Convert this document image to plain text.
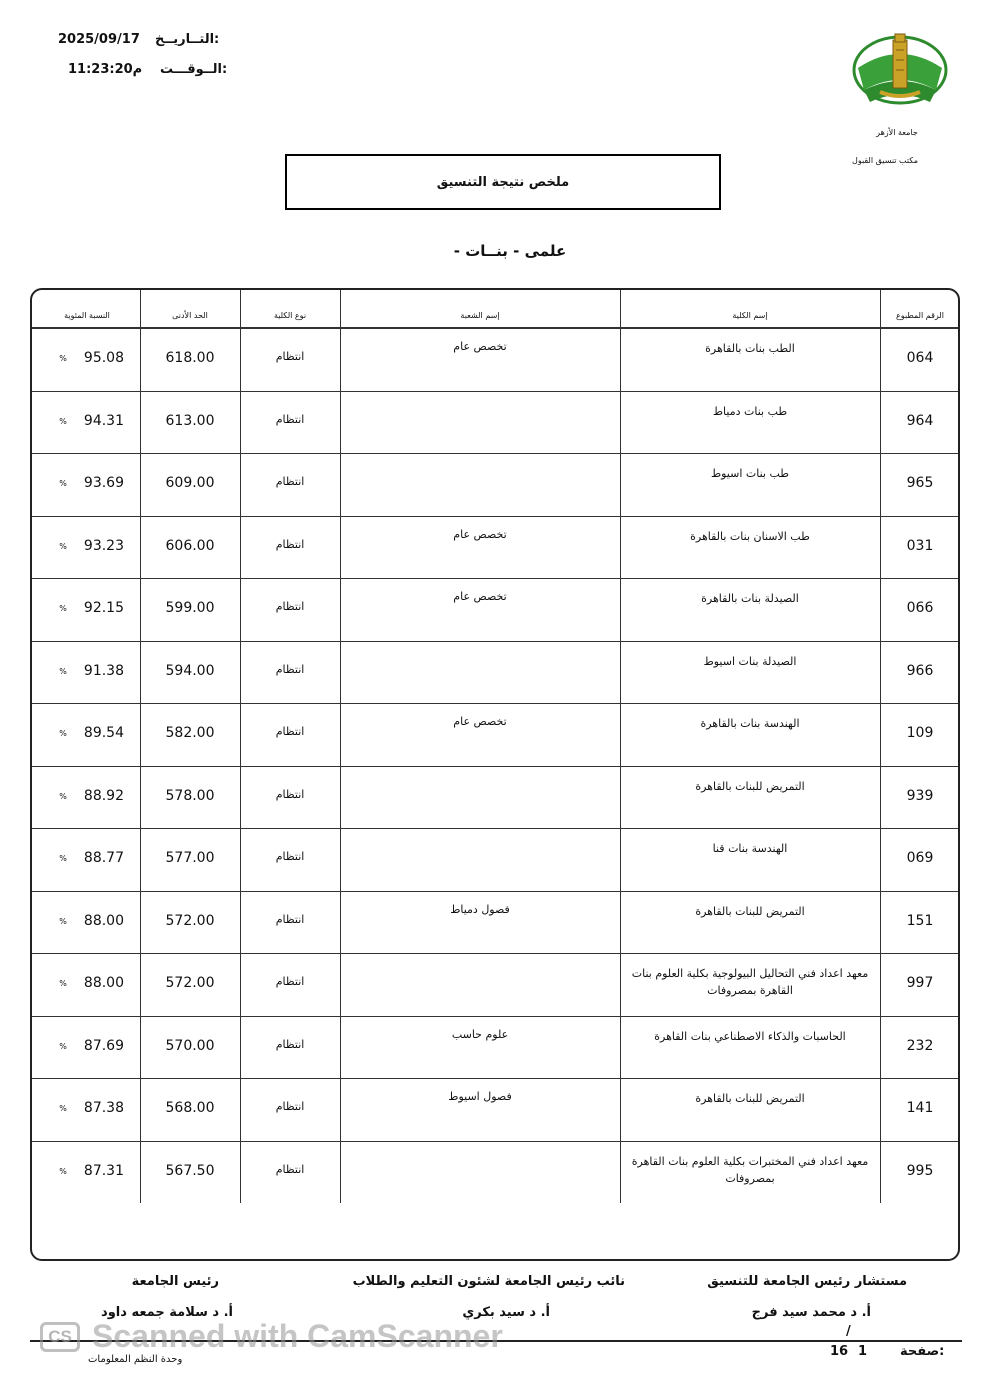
2025/09/17 التــاريــخ:
11:23:20م الــوقـــت:
جامعة الأزهر
مكتب تنسيق القبول
ملخص نتيجة التنسيق
- علمى - بنــات
الرقم المطبوع
إسم الكلية
إسم الشعبة
نوع الكلية
الحد الأدنى
النسبة المئوية
064
الطب بنات بالقاهرة
تخصص عام
انتظام
618.00
95.08
%
964
طب بنات دمياط
انتظام
613.00
94.31
%
965
طب بنات اسيوط
انتظام
609.00
93.69
%
031
طب الاسنان بنات بالقاهرة
تخصص عام
انتظام
606.00
93.23
%
066
الصيدلة بنات بالقاهرة
تخصص عام
انتظام
599.00
92.15
%
966
الصيدلة بنات اسيوط
انتظام
594.00
91.38
%
109
الهندسة بنات بالقاهرة
تخصص عام
انتظام
582.00
89.54
%
939
التمريض للبنات بالقاهرة
انتظام
578.00
88.92
%
069
الهندسة بنات قنا
انتظام
577.00
88.77
%
151
التمريض للبنات بالقاهرة
فصول دمياط
انتظام
572.00
88.00
%
997
معهد اعداد فني التحاليل البيولوجية بكلية العلوم بنات القاهرة بمصروفات
انتظام
572.00
88.00
%
232
الحاسبات والذكاء الاصطناعي بنات القاهرة
علوم حاسب
انتظام
570.00
87.69
%
141
التمريض للبنات بالقاهرة
فصول اسيوط
انتظام
568.00
87.38
%
995
معهد اعداد فني المختبرات بكلية العلوم بنات القاهرة بمصروفات
انتظام
567.50
87.31
%
مستشار رئيس الجامعة للتنسيق
أ. د محمد سيد فرج
نائب رئيس الجامعة لشئون التعليم والطلاب
أ. د سيد بكري
رئيس الجامعة
أ. د سلامة جمعه داود
/
صفحة:
1
16
وحدة النظم المعلومات
CS Scanned with CamScanner
